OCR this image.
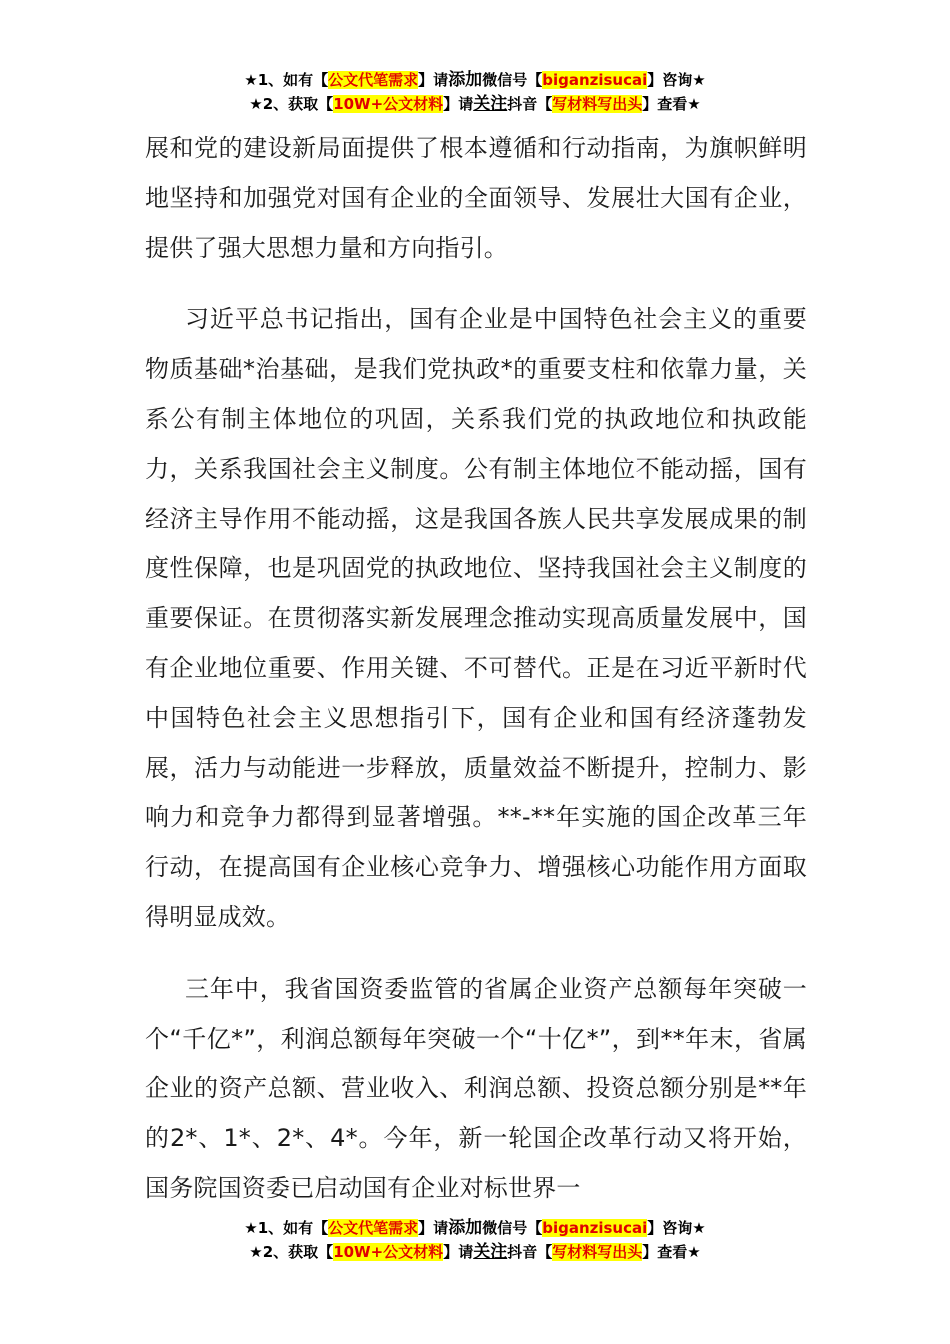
★1、如有【公文代笔需求】请添加微信号【biganzisucai】咨询★
★2、获取【10W+公文材料】请关注抖音【写材料写出头】查看★

展和党的建设新局面提供了根本遵循和行动指南，为旗帜鲜明地坚持和加强党对国有企业的全面领导、发展壮大国有企业，提供了强大思想力量和方向指引。

习近平总书记指出，国有企业是中国特色社会主义的重要物质基础*治基础，是我们党执政*的重要支柱和依靠力量，关系公有制主体地位的巩固，关系我们党的执政地位和执政能力，关系我国社会主义制度。公有制主体地位不能动摇，国有经济主导作用不能动摇，这是我国各族人民共享发展成果的制度性保障，也是巩固党的执政地位、坚持我国社会主义制度的重要保证。在贯彻落实新发展理念推动实现高质量发展中，国有企业地位重要、作用关键、不可替代。正是在习近平新时代中国特色社会主义思想指引下，国有企业和国有经济蓬勃发展，活力与动能进一步释放，质量效益不断提升，控制力、影响力和竞争力都得到显著增强。**-**年实施的国企改革三年行动，在提高国有企业核心竞争力、增强核心功能作用方面取得明显成效。

三年中，我省国资委监管的省属企业资产总额每年突破一个“千亿*”，利润总额每年突破一个“十亿*”，到**年末，省属企业的资产总额、营业收入、利润总额、投资总额分别是**年的2*、1*、2*、4*。今年，新一轮国企改革行动又将开始，国务院国资委已启动国有企业对标世界一

★1、如有【公文代笔需求】请添加微信号【biganzisucai】咨询★
★2、获取【10W+公文材料】请关注抖音【写材料写出头】查看★
